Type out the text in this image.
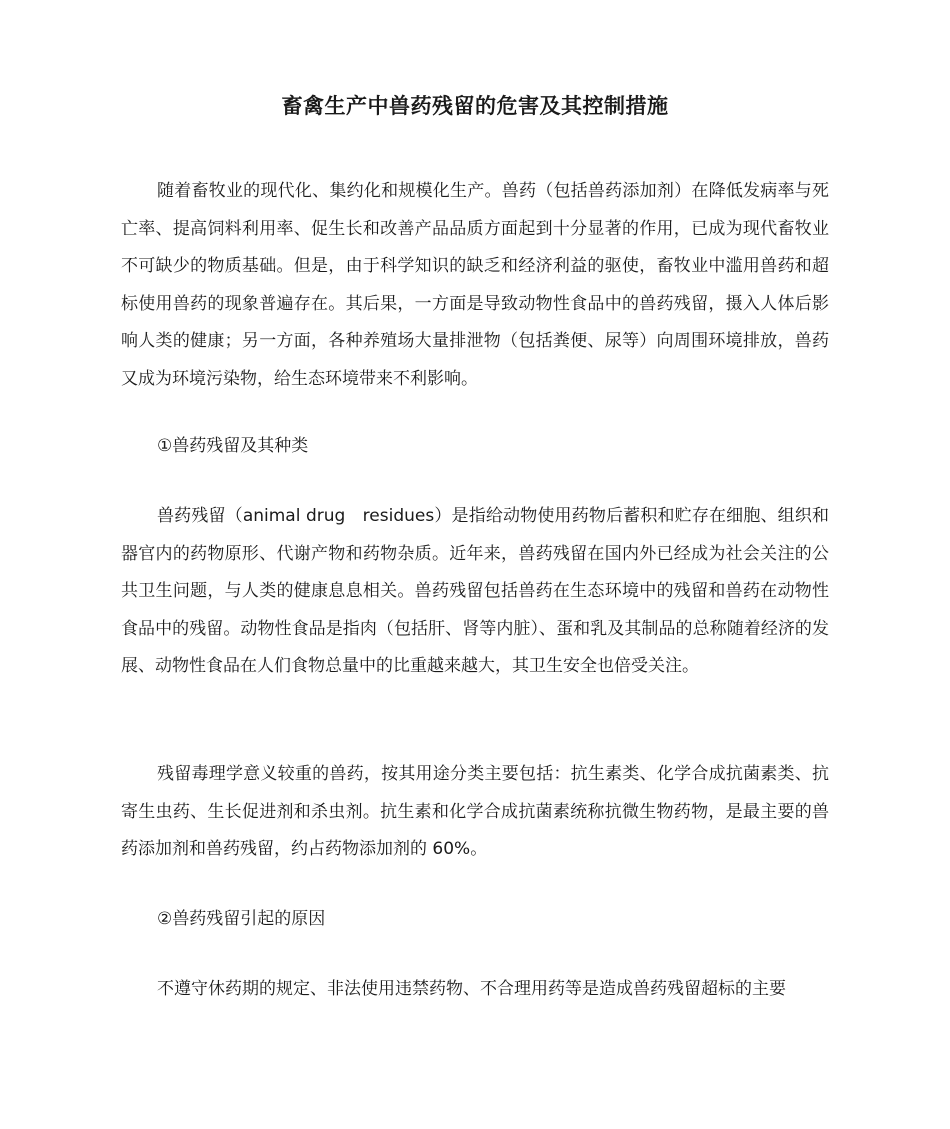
畜禽生产中兽药残留的危害及其控制措施

随着畜牧业的现代化、集约化和规模化生产。兽药（包括兽药添加剂）在降低发病率与死亡率、提高饲料利用率、促生长和改善产品品质方面起到十分显著的作用，已成为现代畜牧业不可缺少的物质基础。但是，由于科学知识的缺乏和经济利益的驱使，畜牧业中滥用兽药和超标使用兽药的现象普遍存在。其后果，一方面是导致动物性食品中的兽药残留，摄入人体后影响人类的健康；另一方面，各种养殖场大量排泄物（包括粪便、尿等）向周围环境排放，兽药又成为环境污染物，给生态环境带来不利影响。

①兽药残留及其种类

兽药残留（animal drug　residues）是指给动物使用药物后蓄积和贮存在细胞、组织和器官内的药物原形、代谢产物和药物杂质。近年来，兽药残留在国内外已经成为社会关注的公共卫生问题，与人类的健康息息相关。兽药残留包括兽药在生态环境中的残留和兽药在动物性食品中的残留。动物性食品是指肉（包括肝、肾等内脏）、蛋和乳及其制品的总称随着经济的发展、动物性食品在人们食物总量中的比重越来越大，其卫生安全也倍受关注。

残留毒理学意义较重的兽药，按其用途分类主要包括：抗生素类、化学合成抗菌素类、抗寄生虫药、生长促进剂和杀虫剂。抗生素和化学合成抗菌素统称抗微生物药物，是最主要的兽药添加剂和兽药残留，约占药物添加剂的 60%。

②兽药残留引起的原因

不遵守休药期的规定、非法使用违禁药物、不合理用药等是造成兽药残留超标的主要
